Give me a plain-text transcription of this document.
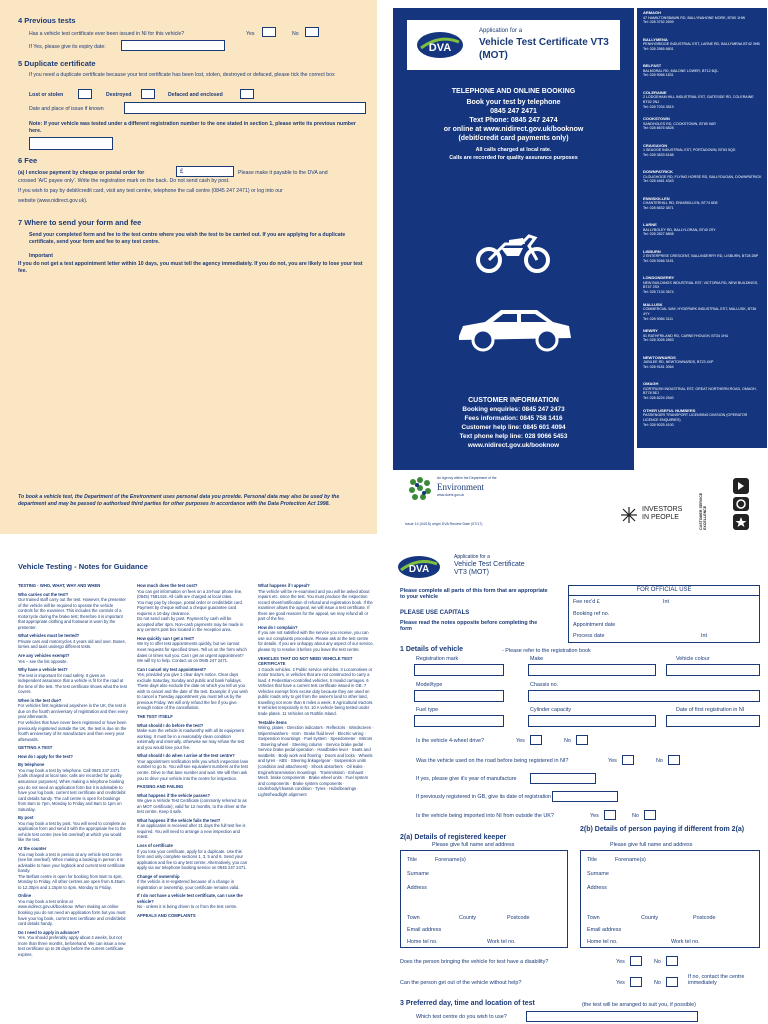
4 Previous tests
Has a vehicle test certificate ever been issued in NI for this vehicle?	Yes	No
If Yes, please give its expiry date:
5 Duplicate certificate
If you need a duplicate certificate because your test certificate has been lost, stolen, destroyed or defaced, please tick the correct box
Lost or stolen	Destroyed	Defaced and enclosed
Date and place of issue if known
Note: If your vehicle was tested under a different registration number to the one stated in section 1, please write its previous number here.
6 Fee
(a) I enclose payment by cheque or postal order for	£	Please make it payable to the DVA and
crossed 'A/C payee only'. Write the registration mark on the back. Do not send cash by post.
If you wish to pay by debit/credit card, visit any test centre, telephone the call centre (0845 247 2471) or log into our
website (www.nidirect.gov.uk).
7 Where to send your form and fee
Send your completed form and fee to the test centre where you wish the test to be carried out. If you are applying for a duplicate certificate, send your form and fee to any test centre.
Important
If you do not get a test appointment letter within 10 days, you must tell the agency immediately. If you do not, you are likely to lose your test fee.
To book a vehicle test, the Department of the Environment uses personal data you provide. Personal data may also be used by the department and may be passed to authorised third parties for other purposes in accordance with the Data Protection Act 1998.
DVA
Application for a
Vehicle Test Certificate VT3
(MOT)
TELEPHONE AND ONLINE BOOKING
Book your test by telephone
0845 247 2471
Text Phone: 0845 247 2474
or online at www.nidirect.gov.uk/booknow
(debit/credit card payments only)
All calls charged at local rate.
Calls are recorded for quality assurance purposes
CUSTOMER INFORMATION
Booking enquiries: 0845 247 2473
Fees information: 0845 758 1416
Customer help line: 0845 601 4094
Text phone help line: 028 9066 5453
www.nidirect.gov.uk/booknow
ARMAGH
47 HAMILTONSBAWN RD, BALLYNAHONE MORE, BT60 1HW
Tel: 028 3752 2699
BALLYMENA
PENNYBRIDGE INDUSTRIAL EST, LARNE RD, BALLYMENA BT42 3HB
Tel: 028 2565 6801
BELFAST
BALMORAL RD, MALONE LOWER, BT12 6QL
Tel: 028 9068 1831
COLERAINE
2 LODGEHAM HILL INDUSTRIAL EST, GATESIDE RD, COLERAINE BT52 2NJ
Tel: 028 7034 3819
COOKSTOWN
SANDHOLES RD, COOKSTOWN, BT80 9AR
Tel: 028 8676 6828
CRAIGAVON
1 SEAGOE INDUSTRIAL EST, PORTADOWN, BT63 5QD
Tel: 028 3833 6188
DOWNPATRICK
CLOUGHOGE RD, FLYING HORSE RD, BALLYDUGAN, DOWNPATRICK
Tel: 028 4461 4343
ENNISKILLEN
CHANTERHILL RD, ENNISKILLEN, BT74 6DE
Tel: 028 6632 3871
LARNE
BALLYBOLEY RD, BALLYLORAN, BT40 2SY
Tel: 028 2827 8808
LISBURN
2 ENTERPRISE CRESCENT, BALLINDERRY RD, LISBURN, BT28 2BP
Tel: 028 9266 3151
LONDONDERRY
NEW BUILDINGS INDUSTRIAL EST, VICTORIA RD, NEW BUILDINGS, BT47 2SX
Tel: 028 7134 3674
MALLUSK
COMMERCIAL WAY, HYDEPARK INDUSTRIAL EST, MALLUSK, BT36 4YY
Tel: 028 9084 3111
NEWRY
51 RATHFRILAND RD, CARNEYHOUGH, BT34 1HU
Tel: 028 3026 2853
NEWTOWNARDS
JUBILEE RD, NEWTOWNARDS, BT23 4XP
Tel: 028 9181 3064
OMAGH
GORTRUSH INDUSTRIAL EST, GREAT NORTHERN ROAD, OMAGH, BT78 5EJ
Tel: 028 8224 2540
OTHER USEFUL NUMBERS
PASSENGER TRANSPORT LICENSING DIVISION (OPERATOR LICENCE ENQUIRIES)
Tel: 028 9025 4100
(All calls charged at local rate)
An Agency within the Department of the
Environment
www.doeni.gov.uk
Issue 14 (04/15) origin DVA Review Date (07/17)
INVESTORS IN PEOPLE	CUSTOMER SERVICE EXCELLENCE
Vehicle Testing - Notes for Guidance
TESTING - WHO, WHAT, WHY AND WHEN
Who carries out the test?
Our trained staff carry out the test. However, the presenter of the vehicle will be required to operate the vehicle controls for the examiner. This includes the controls of a motorcycle during the brake test; therefore it is important that appropriate clothing and footwear is worn by the presenter.
What vehicles must be tested?
Private cars and motorcycles 4 years old and over. Buses, lorries and taxis undergo different tests.
Are any vehicles exempt?
Yes – see the list opposite.
Why have a vehicle test?
The test is important for road safety. It gives an independent assurance that a vehicle is fit for the road at the time of the test. The test certificate shows what the test covers.
When is the test due?
For vehicles first registered anywhere in the UK, the test is due on the fourth anniversary of registration and then every year afterwards.
For vehicles that have never been registered or have been previously registered outside the UK, the test is due on the fourth anniversary of its manufacture and then every year afterwards.
GETTING A TEST
How do I apply for the test?
By telephone
You may book a test by telephone. Call 0845 247 2471 (calls charged at local rate; calls are recorded for quality assurance purposes). When making a telephone booking you do not need an application form but it is advisable to have your log book, current test certificate and credit/debit card details handy. The call centre is open for bookings from 8am to 7pm, Monday to Friday and 8am to 1pm on Saturday.
By post
You may book a test by post. You will need to complete an application form and send it with the appropriate fee to the vehicle test centre (see list overleaf) at which you would like the test.
At the counter
You may book a test in person at any vehicle test centre (see list overleaf). When making a booking in person it is advisable to have your logbook and current test certificate handy.
The Belfast centre is open for booking from 8am to 4pm, Monday to Friday. All other centres are open from 8.45am to 12.30pm and 1.15pm to 4pm, Monday to Friday.
Online
You may book a test online at www.nidirect.gov.uk/booknow. When making an online booking you do not need an application form but you must have your log book, current test certificate and credit/debit card details handy.
Do I need to apply in advance?
Yes. You should preferably apply about 4 weeks, but not more than three months, beforehand. We can issue a new test certificate up to 28 days before the current certificate expires.
How much does the test cost?
You can get information on fees on a 24-hour phone line, (0845) 7581416. All calls are charged at local rates.
You may pay by cheque, postal order or credit/debit card. Payment by cheque without a cheque guarantee card requires a 10-day clearance.
Do not send cash by post. Payment by cash will be accepted after 4pm. Non-cash payments may be made in any centre's post box located in the reception area.
How quickly can I get a test?
We try to offer test appointments quickly, but we cannot meet requests for specified times. Tell us on the form which dates or times suit you. Can I get an urgent appointment? We will try to help. Contact us on 0845 247 2471.
Can I cancel my test appointment?
Yes, provided you give 1 clear day's notice. Clear days exclude Saturday, Sunday and public and bank holidays. These days also exclude the date on which you tell us you wish to cancel and the date of the test. Example: if you wish to cancel a Tuesday appointment you must tell us by the previous Friday. We will only refund the fee if you give enough notice of the cancellation.
THE TEST ITSELF
What should I do before the test?
Make sure the vehicle is roadworthy with all its equipment working. It must be in a reasonably clean condition externally and internally, otherwise we may refuse the test and you would lose your fee.
What should I do when I arrive at the test centre?
Your appointment notification tells you which inspection lane number to go to. You will see equivalent numbers at the test centre. Drive to that lane number and wait. We will then ask you to drive your vehicle into the centre for inspection.
PASSING AND FAILING
What happens if the vehicle passes?
We give a Vehicle Test Certificate (commonly referred to as an MOT certificate), valid for 12 months, to the driver at the test centre. Keep it safe.
What happens if the vehicle fails the test?
If an application is received after 21 days the full test fee is required. You will need to arrange a new inspection and retest.
Loss of certificate
If you lose your certificate, apply for a duplicate. Use this form and only complete sections 1, 3, 5 and 6. Send your application and fee to any test centre. Alternatively, you can apply via our telephone booking service on 0845 247 2471.
Change of ownership
If the vehicle is re-registered because of a change in registration or ownership, your certificate remains valid.
If I do not have a vehicle test certificate, can I use the vehicle?
No - unless it is being driven to or from the test centre.
APPEALS AND COMPLAINTS
What happens if I appeal?
The vehicle will be re-examined and you will be asked about repairs etc. since the test. You must produce the inspection record sheet/notification of refusal and registration book. If the examiner allows the appeal, we will issue a test certificate. If there are good reasons for the appeal, we may refund all or part of the fee.
How do I complain?
If you are not satisfied with the service you receive, you can use our complaints procedure. Please ask at the test centre for details. If you are unhappy about any aspect of our service, please try to resolve it before you leave the test centre.
VEHICLES THAT DO NOT NEED VEHICLE TEST CERTIFICATE
1 Goods vehicles. 2 Public service vehicles. 3 Locomotives or motor tractors, ie vehicles that are not constructed to carry a load. 4 Pedestrian-controlled vehicles. 5 Invalid carriages. 6 Vehicles that have a current test certificate issued in GB. 7 Vehicles exempt from excise duty because they are used on public roads only to get from the owner's land to other land, travelling not more than 6 miles a week. 8 Agricultural tractors. 9 Vehicles temporarily in NI. 10 A vehicle being tested under trade plates. 11 Vehicles on Rathlin Island.
Testable items
Wiring, plates · Direction indicators · Reflectors · Windscreen · Wipers/washers · Horn · Brake fluid level · Electric wiring · Suspension mountings · Fuel system · Speedometer · Mirrors · Steering wheel · Steering column · Service brake pedal · Service brake pedal operation · Handbrake lever · Seats and seatbelts · Body work and flooring · Doors and locks · Wheels and tyres · ABS · Steering linkage/gear · Suspension units (condition and attachment) · Shock absorbers · Oil leaks · Engine/transmission mountings · Transmission · Exhaust · Mech. brake components · Brake wheel units · Fuel system and components · Brake system components · Underbody/chassis condition · Tyres · Hubs/bearings · Lights/headlight alignment
DVA
Application for a
Vehicle Test Certificate
VT3 (MOT)
Please complete all parts of this form that are appropriate to your vehicle
PLEASE USE CAPITALS
Please read the notes opposite before completing the form
FOR OFFICIAL USE
Fee rec'd £	Int
Booking ref no.
Appointment date
Process date	Int
1 Details of vehicle	- Please refer to the registration book
Registration mark	Make	Vehicle colour
Model/type	Chassis no.
Fuel type	Cylinder capacity	Date of first registration in NI
Is the vehicle 4-wheel drive?	Yes	No
Was the vehicle used on the road before being registered in NI?	Yes	No
If yes, please give it's year of manufacture
If previously registered in GB, give its date of registration
Is the vehicle being imported into NI from outside the UK?	Yes	No
2(a) Details of registered keeper
Please give full name and address
Title	Forename(s)
Surname
Address
Town	County	Postcode
Email address
Home tel no.	Work tel no.
2(b) Details of person paying if different from 2(a)
Please give full name and address
Title	Forename(s)
Surname
Address
Town	County	Postcode
Email address
Home tel no.	Work tel no.
Does the person bringing the vehicle for test have a disability?	Yes	No
Can the person get out of the vehicle without help?	Yes	No
If no, contact the centre immediately
3 Preferred day, time and location of test	(the test will be arranged to suit you, if possible)
Which test centre do you wish to use?
